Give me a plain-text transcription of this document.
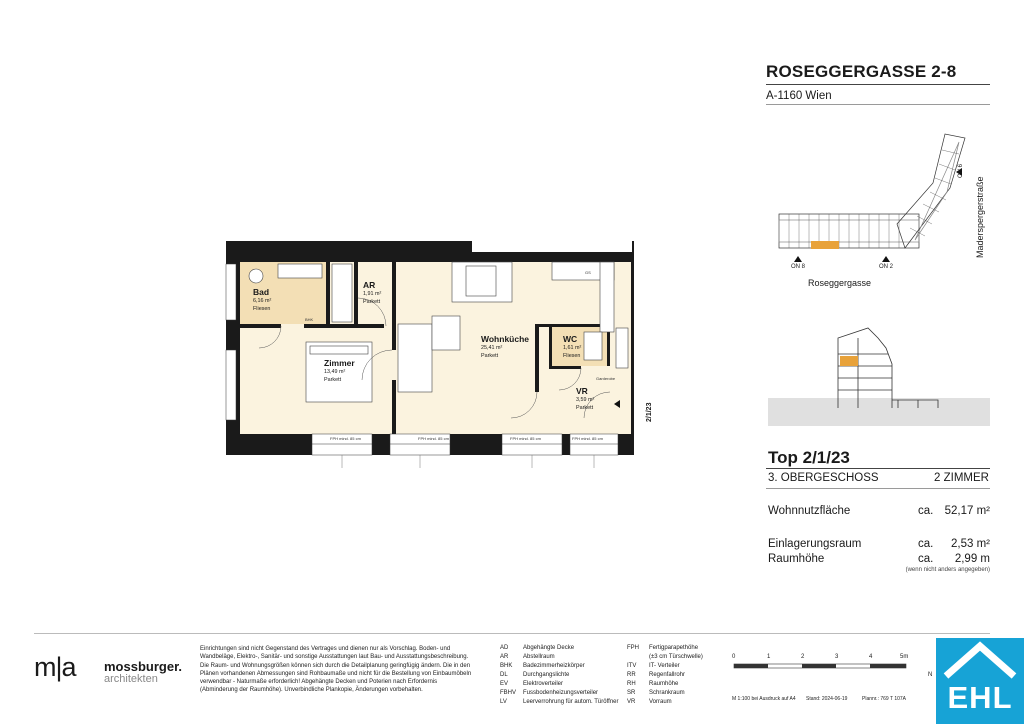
ROSEGGERGASSE 2-8
A-1160 Wien
ON 8	ON 2
ON 6
Roseggergasse
Maderspergerstraße
Top 2/1/23
3. OBERGESCHOSS	2 ZIMMER
Wohnnutzfläche	ca. 52,17 m²
Einlagerungsraum	ca.	2,53 m²
Raumhöhe	ca.	2,99 m
(wenn nicht anders angegeben)
Bad
6,16 m²
Fliesen
AR
1,91 m²
Parkett
Zimmer
13,49 m²
Parkett
Wohnküche
25,41 m²
Parkett
WC
1,61 m²
Fliesen
VR
3,59 m²
Parkett
GS
BHK
Garderobe
FPH mind. 85 cm	FPH mind. 85 cm	FPH mind. 85 cm	FPH mind. 85 cm
2/1/23
m|a mossburger.
architekten
Einrichtungen sind nicht Gegenstand des Vertrages und dienen nur als Vorschlag. Boden- und Wandbeläge, Elektro-, Sanitär- und sonstige Ausstattungen laut Bau- und Ausstattungsbeschreibung. Die Raum- und Wohnungsgrößen können sich durch die Detailplanung geringfügig ändern. Die in den Plänen vorhandenen Abmessungen sind Rohbaumaße und nicht für die Bestellung von Einbaumöbeln verwendbar - Naturmaße erforderlich! Abgehängte Decken und Poterien nach Erfordernis (Abminderung der Raumhöhe). Unverbindliche Plankopie, Änderungen vorbehalten.
AD Abgehängte Decke
AR Abstellraum
BHK Badezimmerheizkörper
DL	Durchgangslichte
EV Elektroverteiler
FBHV Fussbodenheizungsverteiler
LV	Leerverrohrung für autom. Türöffner
FPH Fertigparapethöhe
(±3 cm Türschwelle)
ITV IT- Verteiler
RR Regenfallrohr
RH Raumhöhe
SR Schrankraum
VR Vorraum
0	1	2	3	4	5m
M 1:100 bei Ausdruck auf A4 Stand: 2024-06-19	Plannr.: 769 T 107A
N
EHL
